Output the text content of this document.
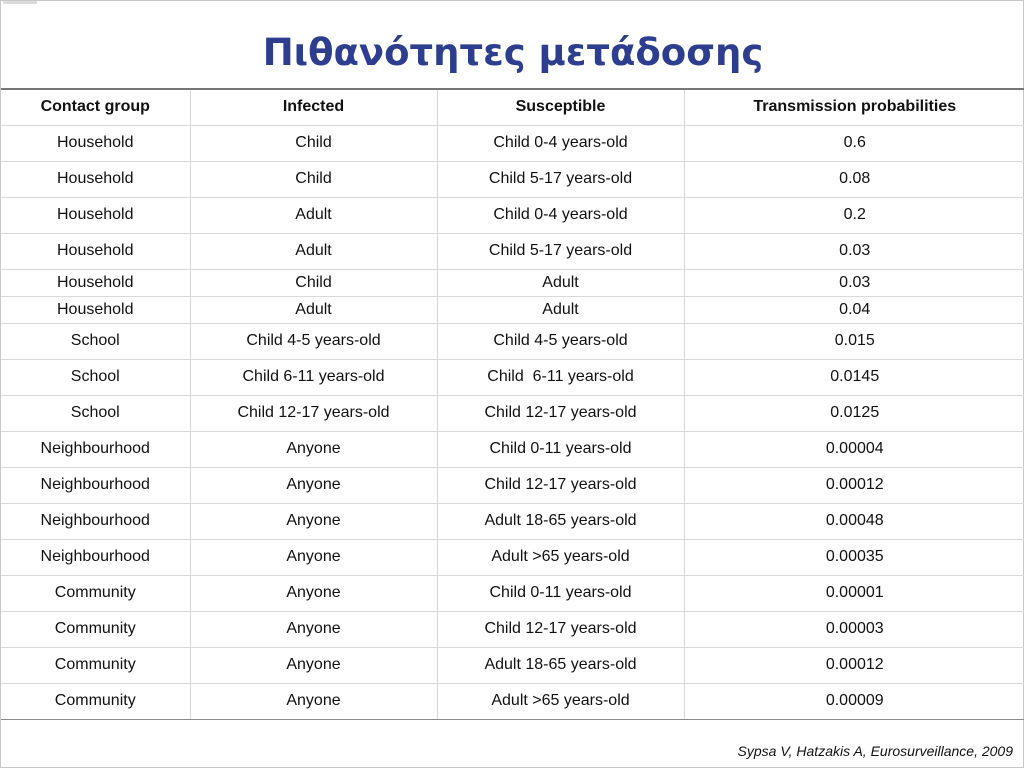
Πιθανότητες μετάδοσης
Contact group	Infected	Susceptible	Transmission probabilities
Household	Child	Child 0-4 years-old	0.6
Household	Child	Child 5-17 years-old	0.08
Household	Adult	Child 0-4 years-old	0.2
Household	Adult	Child 5-17 years-old	0.03
Household	Child	Adult	0.03
Household	Adult	Adult	0.04
School	Child 4-5 years-old	Child 4-5 years-old	0.015
School	Child 6-11 years-old	Child  6-11 years-old	0.0145
School	Child 12-17 years-old	Child 12-17 years-old	0.0125
Neighbourhood	Anyone	Child 0-11 years-old	0.00004
Neighbourhood	Anyone	Child 12-17 years-old	0.00012
Neighbourhood	Anyone	Adult 18-65 years-old	0.00048
Neighbourhood	Anyone	Adult >65 years-old	0.00035
Community	Anyone	Child 0-11 years-old	0.00001
Community	Anyone	Child 12-17 years-old	0.00003
Community	Anyone	Adult 18-65 years-old	0.00012
Community	Anyone	Adult >65 years-old	0.00009
Sypsa V, Hatzakis A, Eurosurveillance, 2009
